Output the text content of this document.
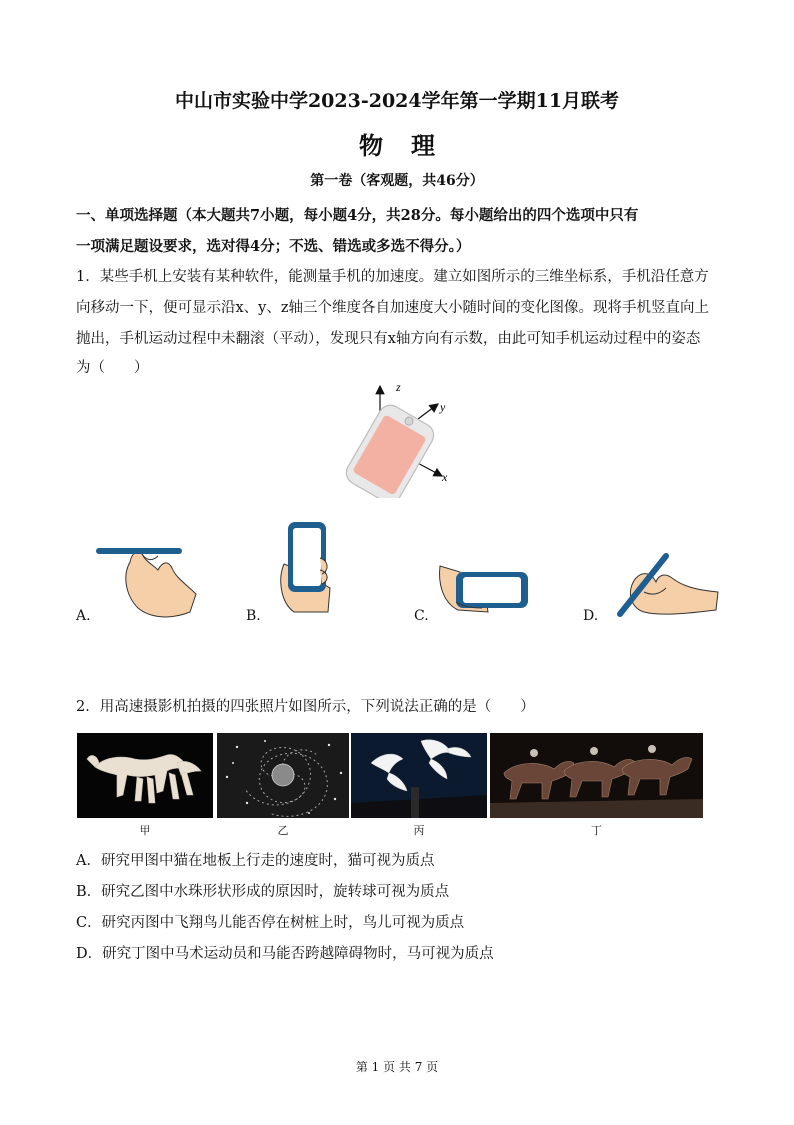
中山市实验中学2023-2024学年第一学期11月联考
物理
第一卷（客观题，共46分）
一、单项选择题（本大题共7小题，每小题4分，共28分。每小题给出的四个选项中只有
一项满足题设要求，选对得4分；不选、错选或多选不得分。）
1．某些手机上安装有某种软件，能测量手机的加速度。建立如图所示的三维坐标系，手机沿任意方
向移动一下，便可显示沿x、y、z轴三个维度各自加速度大小随时间的变化图像。现将手机竖直向上
抛出，手机运动过程中未翻滚（平动），发现只有x轴方向有示数，由此可知手机运动过程中的姿态
为（　　）
z
y
x
A.	B.	C.	D.
2．用高速摄影机拍摄的四张照片如图所示，下列说法正确的是（　　）
甲	乙	丙	丁
A．研究甲图中猫在地板上行走的速度时，猫可视为质点
B．研究乙图中水珠形状形成的原因时，旋转球可视为质点
C．研究丙图中飞翔鸟儿能否停在树桩上时，鸟儿可视为质点
D．研究丁图中马术运动员和马能否跨越障碍物时，马可视为质点
第 1 页 共 7 页
